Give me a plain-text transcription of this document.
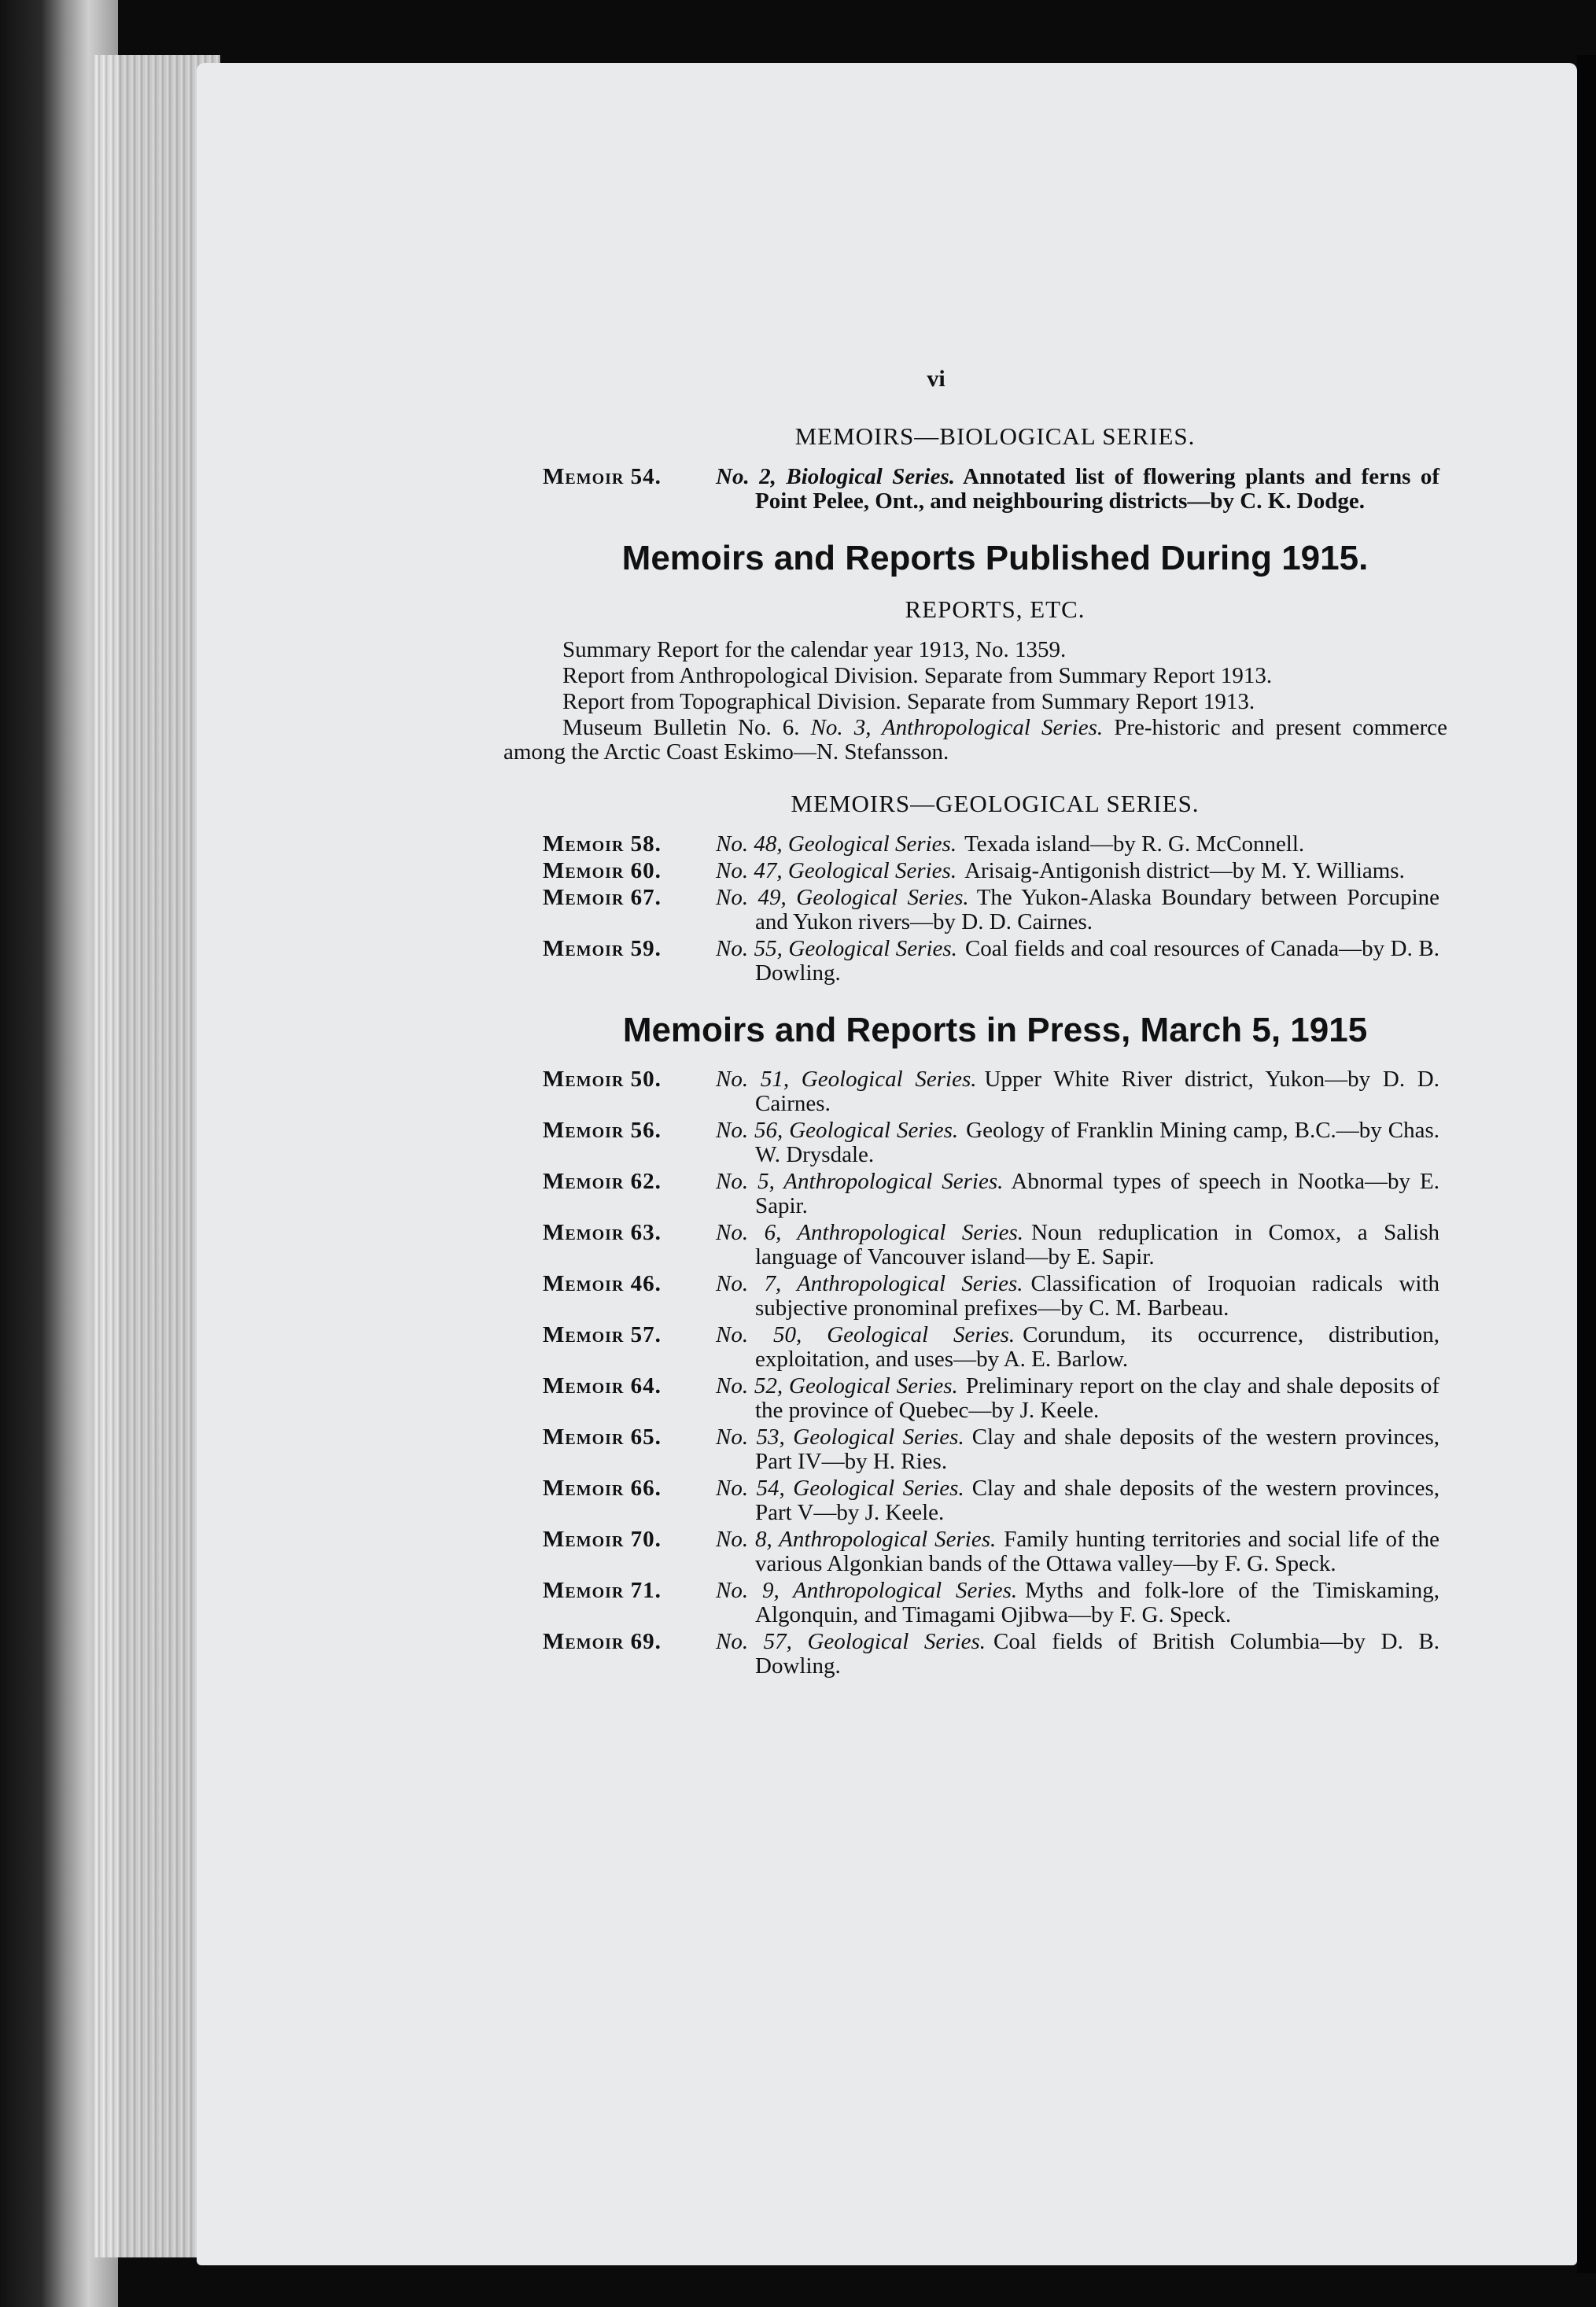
vi
MEMOIRS—BIOLOGICAL SERIES.
Memoir 54.	No. 2, Biological Series. Annotated list of flowering plants and ferns of Point Pelee, Ont., and neighbouring districts—by C. K. Dodge.
Memoirs and Reports Published During 1915.
REPORTS, ETC.
Summary Report for the calendar year 1913, No. 1359.
Report from Anthropological Division. Separate from Summary Report 1913.
Report from Topographical Division. Separate from Summary Report 1913.
Museum Bulletin No. 6. No. 3, Anthropological Series. Pre-historic and present commerce among the Arctic Coast Eskimo—N. Stefansson.
MEMOIRS—GEOLOGICAL SERIES.
Memoir 58.	No. 48, Geological Series. Texada island—by R. G. McConnell.
Memoir 60.	No. 47, Geological Series. Arisaig-Antigonish district—by M. Y. Williams.
Memoir 67.	No. 49, Geological Series. The Yukon-Alaska Boundary between Porcupine and Yukon rivers—by D. D. Cairnes.
Memoir 59.	No. 55, Geological Series. Coal fields and coal resources of Canada—by D. B. Dowling.
Memoirs and Reports in Press, March 5, 1915
Memoir 50.	No. 51, Geological Series. Upper White River district, Yukon—by D. D. Cairnes.
Memoir 56.	No. 56, Geological Series. Geology of Franklin Mining camp, B.C.—by Chas. W. Drysdale.
Memoir 62.	No. 5, Anthropological Series. Abnormal types of speech in Nootka—by E. Sapir.
Memoir 63.	No. 6, Anthropological Series. Noun reduplication in Comox, a Salish language of Vancouver island—by E. Sapir.
Memoir 46.	No. 7, Anthropological Series. Classification of Iroquoian radicals with subjective pronominal prefixes—by C. M. Barbeau.
Memoir 57.	No. 50, Geological Series. Corundum, its occurrence, distribution, exploitation, and uses—by A. E. Barlow.
Memoir 64.	No. 52, Geological Series. Preliminary report on the clay and shale deposits of the province of Quebec—by J. Keele.
Memoir 65.	No. 53, Geological Series. Clay and shale deposits of the western provinces, Part IV—by H. Ries.
Memoir 66.	No. 54, Geological Series. Clay and shale deposits of the western provinces, Part V—by J. Keele.
Memoir 70.	No. 8, Anthropological Series. Family hunting territories and social life of the various Algonkian bands of the Ottawa valley—by F. G. Speck.
Memoir 71.	No. 9, Anthropological Series. Myths and folk-lore of the Timiskaming, Algonquin, and Timagami Ojibwa—by F. G. Speck.
Memoir 69.	No. 57, Geological Series. Coal fields of British Columbia—by D. B. Dowling.
